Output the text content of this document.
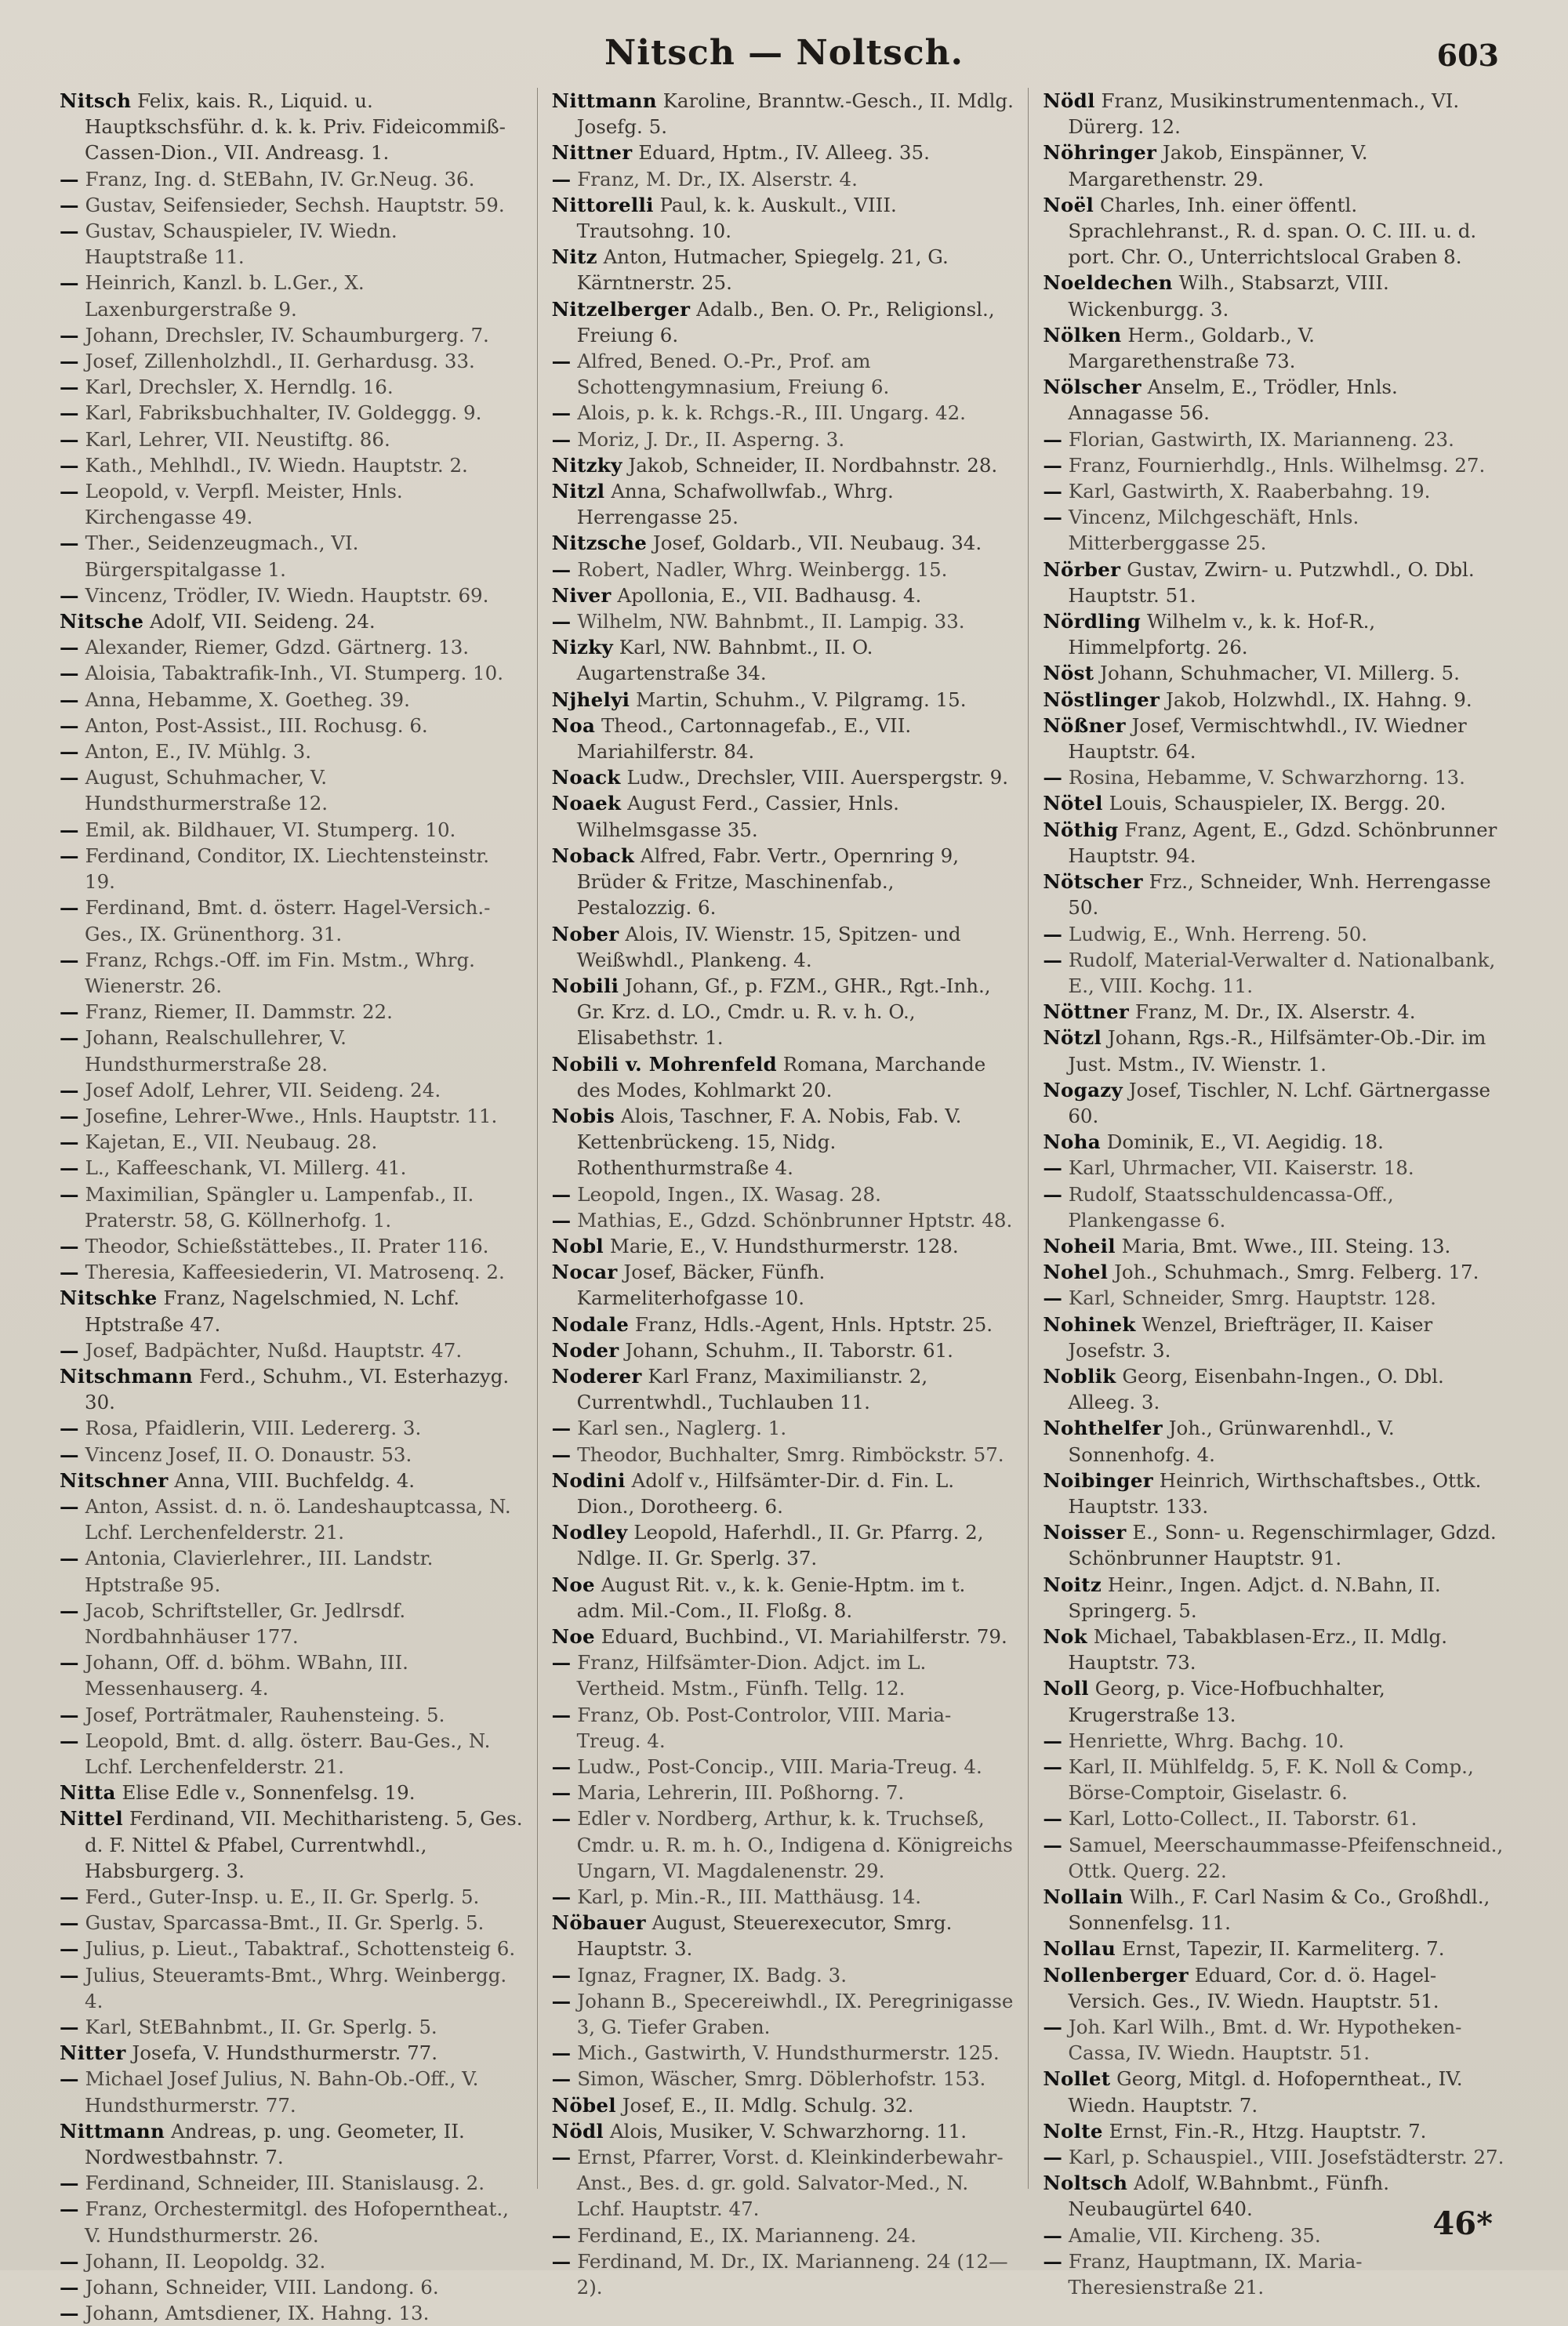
Nitsch — Noltsch.	603
Nitsch Felix, kais. R., Liquid. u. Hauptkschsführ. d. k. k. Priv. Fideicommiß-Cassen-Dion., VII. Andreasg. 1.
— Franz, Ing. d. StEBahn, IV. Gr.Neug. 36.
— Gustav, Seifensieder, Sechsh. Hauptstr. 59.
— Gustav, Schauspieler, IV. Wiedn. Hauptstraße 11.
— Heinrich, Kanzl. b. L.Ger., X. Laxenburgerstraße 9.
— Johann, Drechsler, IV. Schaumburgerg. 7.
— Josef, Zillenholzhdl., II. Gerhardusg. 33.
— Karl, Drechsler, X. Herndlg. 16.
— Karl, Fabriksbuchhalter, IV. Goldeggg. 9.
— Karl, Lehrer, VII. Neustiftg. 86.
— Kath., Mehlhdl., IV. Wiedn. Hauptstr. 2.
— Leopold, v. Verpfl. Meister, Hnls. Kirchengasse 49.
— Ther., Seidenzeugmach., VI. Bürgerspitalgasse 1.
— Vincenz, Trödler, IV. Wiedn. Hauptstr. 69.
Nitsche Adolf, VII. Seideng. 24.
— Alexander, Riemer, Gdzd. Gärtnerg. 13.
— Aloisia, Tabaktrafik-Inh., VI. Stumperg. 10.
— Anna, Hebamme, X. Goetheg. 39.
— Anton, Post-Assist., III. Rochusg. 6.
— Anton, E., IV. Mühlg. 3.
— August, Schuhmacher, V. Hundsthurmerstraße 12.
— Emil, ak. Bildhauer, VI. Stumperg. 10.
— Ferdinand, Conditor, IX. Liechtensteinstr. 19.
— Ferdinand, Bmt. d. österr. Hagel-Versich.-Ges., IX. Grünenthorg. 31.
— Franz, Rchgs.-Off. im Fin. Mstm., Whrg. Wienerstr. 26.
— Franz, Riemer, II. Dammstr. 22.
— Johann, Realschullehrer, V. Hundsthurmerstraße 28.
— Josef Adolf, Lehrer, VII. Seideng. 24.
— Josefine, Lehrer-Wwe., Hnls. Hauptstr. 11.
— Kajetan, E., VII. Neubaug. 28.
— L., Kaffeeschank, VI. Millerg. 41.
— Maximilian, Spängler u. Lampenfab., II. Praterstr. 58, G. Köllnerhofg. 1.
— Theodor, Schießstättebes., II. Prater 116.
— Theresia, Kaffeesiederin, VI. Matrosenq. 2.
Nitschke Franz, Nagelschmied, N. Lchf. Hptstraße 47.
— Josef, Badpächter, Nußd. Hauptstr. 47.
Nitschmann Ferd., Schuhm., VI. Esterhazyg. 30.
— Rosa, Pfaidlerin, VIII. Ledererg. 3.
— Vincenz Josef, II. O. Donaustr. 53.
Nitschner Anna, VIII. Buchfeldg. 4.
— Anton, Assist. d. n. ö. Landeshauptcassa, N. Lchf. Lerchenfelderstr. 21.
— Antonia, Clavierlehrer., III. Landstr. Hptstraße 95.
— Jacob, Schriftsteller, Gr. Jedlrsdf. Nordbahnhäuser 177.
— Johann, Off. d. böhm. WBahn, III. Messenhauserg. 4.
— Josef, Porträtmaler, Rauhensteing. 5.
— Leopold, Bmt. d. allg. österr. Bau-Ges., N. Lchf. Lerchenfelderstr. 21.
Nitta Elise Edle v., Sonnenfelsg. 19.
Nittel Ferdinand, VII. Mechitharisteng. 5, Ges. d. F. Nittel & Pfabel, Currentwhdl., Habsburgerg. 3.
— Ferd., Guter-Insp. u. E., II. Gr. Sperlg. 5.
— Gustav, Sparcassa-Bmt., II. Gr. Sperlg. 5.
— Julius, p. Lieut., Tabaktraf., Schottensteig 6.
— Julius, Steueramts-Bmt., Whrg. Weinbergg. 4.
— Karl, StEBahnbmt., II. Gr. Sperlg. 5.
Nitter Josefa, V. Hundsthurmerstr. 77.
— Michael Josef Julius, N. Bahn-Ob.-Off., V. Hundsthurmerstr. 77.
Nittmann Andreas, p. ung. Geometer, II. Nordwestbahnstr. 7.
— Ferdinand, Schneider, III. Stanislausg. 2.
— Franz, Orchestermitgl. des Hofoperntheat., V. Hundsthurmerstr. 26.
— Johann, II. Leopoldg. 32.
— Johann, Schneider, VIII. Landong. 6.
— Johann, Amtsdiener, IX. Hahng. 13.
Nittmann Karoline, Branntw.-Gesch., II. Mdlg. Josefg. 5.
Nittner Eduard, Hptm., IV. Alleeg. 35.
— Franz, M. Dr., IX. Alserstr. 4.
Nittorelli Paul, k. k. Auskult., VIII. Trautsohng. 10.
Nitz Anton, Hutmacher, Spiegelg. 21, G. Kärntnerstr. 25.
Nitzelberger Adalb., Ben. O. Pr., Religionsl., Freiung 6.
— Alfred, Bened. O.-Pr., Prof. am Schottengymnasium, Freiung 6.
— Alois, p. k. k. Rchgs.-R., III. Ungarg. 42.
— Moriz, J. Dr., II. Asperng. 3.
Nitzky Jakob, Schneider, II. Nordbahnstr. 28.
Nitzl Anna, Schafwollwfab., Whrg. Herrengasse 25.
Nitzsche Josef, Goldarb., VII. Neubaug. 34.
— Robert, Nadler, Whrg. Weinbergg. 15.
Niver Apollonia, E., VII. Badhausg. 4.
— Wilhelm, NW. Bahnbmt., II. Lampig. 33.
Nizky Karl, NW. Bahnbmt., II. O. Augartenstraße 34.
Njhelyi Martin, Schuhm., V. Pilgramg. 15.
Noa Theod., Cartonnagefab., E., VII. Mariahilferstr. 84.
Noack Ludw., Drechsler, VIII. Auerspergstr. 9.
Noaek August Ferd., Cassier, Hnls. Wilhelmsgasse 35.
Noback Alfred, Fabr. Vertr., Opernring 9, Brüder & Fritze, Maschinenfab., Pestalozzig. 6.
Nober Alois, IV. Wienstr. 15, Spitzen- und Weißwhdl., Plankeng. 4.
Nobili Johann, Gf., p. FZM., GHR., Rgt.-Inh., Gr. Krz. d. LO., Cmdr. u. R. v. h. O., Elisabethstr. 1.
Nobili v. Mohrenfeld Romana, Marchande des Modes, Kohlmarkt 20.
Nobis Alois, Taschner, F. A. Nobis, Fab. V. Kettenbrückeng. 15, Nidg. Rothenthurmstraße 4.
— Leopold, Ingen., IX. Wasag. 28.
— Mathias, E., Gdzd. Schönbrunner Hptstr. 48.
Nobl Marie, E., V. Hundsthurmerstr. 128.
Nocar Josef, Bäcker, Fünfh. Karmeliterhofgasse 10.
Nodale Franz, Hdls.-Agent, Hnls. Hptstr. 25.
Noder Johann, Schuhm., II. Taborstr. 61.
Noderer Karl Franz, Maximilianstr. 2, Currentwhdl., Tuchlauben 11.
— Karl sen., Naglerg. 1.
— Theodor, Buchhalter, Smrg. Rimböckstr. 57.
Nodini Adolf v., Hilfsämter-Dir. d. Fin. L. Dion., Dorotheerg. 6.
Nodley Leopold, Haferhdl., II. Gr. Pfarrg. 2, Ndlge. II. Gr. Sperlg. 37.
Noe August Rit. v., k. k. Genie-Hptm. im t. adm. Mil.-Com., II. Floßg. 8.
Noe Eduard, Buchbind., VI. Mariahilferstr. 79.
— Franz, Hilfsämter-Dion. Adjct. im L. Vertheid. Mstm., Fünfh. Tellg. 12.
— Franz, Ob. Post-Controlor, VIII. Maria-Treug. 4.
— Ludw., Post-Concip., VIII. Maria-Treug. 4.
— Maria, Lehrerin, III. Poßhorng. 7.
— Edler v. Nordberg, Arthur, k. k. Truchseß, Cmdr. u. R. m. h. O., Indigena d. Königreichs Ungarn, VI. Magdalenenstr. 29.
— Karl, p. Min.-R., III. Matthäusg. 14.
Nöbauer August, Steuerexecutor, Smrg. Hauptstr. 3.
— Ignaz, Fragner, IX. Badg. 3.
— Johann B., Specereiwhdl., IX. Peregrinigasse 3, G. Tiefer Graben.
— Mich., Gastwirth, V. Hundsthurmerstr. 125.
— Simon, Wäscher, Smrg. Döblerhofstr. 153.
Nöbel Josef, E., II. Mdlg. Schulg. 32.
Nödl Alois, Musiker, V. Schwarzhorng. 11.
— Ernst, Pfarrer, Vorst. d. Kleinkinderbewahr-Anst., Bes. d. gr. gold. Salvator-Med., N. Lchf. Hauptstr. 47.
— Ferdinand, E., IX. Marianneng. 24.
— Ferdinand, M. Dr., IX. Marianneng. 24 (12—2).
Nödl Franz, Musikinstrumentenmach., VI. Dürerg. 12.
Nöhringer Jakob, Einspänner, V. Margarethenstr. 29.
Noël Charles, Inh. einer öffentl. Sprachlehranst., R. d. span. O. C. III. u. d. port. Chr. O., Unterrichtslocal Graben 8.
Noeldechen Wilh., Stabsarzt, VIII. Wickenburgg. 3.
Nölken Herm., Goldarb., V. Margarethenstraße 73.
Nölscher Anselm, E., Trödler, Hnls. Annagasse 56.
— Florian, Gastwirth, IX. Marianneng. 23.
— Franz, Fournierhdlg., Hnls. Wilhelmsg. 27.
— Karl, Gastwirth, X. Raaberbahng. 19.
— Vincenz, Milchgeschäft, Hnls. Mitterberggasse 25.
Nörber Gustav, Zwirn- u. Putzwhdl., O. Dbl. Hauptstr. 51.
Nördling Wilhelm v., k. k. Hof-R., Himmelpfortg. 26.
Nöst Johann, Schuhmacher, VI. Millerg. 5.
Nöstlinger Jakob, Holzwhdl., IX. Hahng. 9.
Nößner Josef, Vermischtwhdl., IV. Wiedner Hauptstr. 64.
— Rosina, Hebamme, V. Schwarzhorng. 13.
Nötel Louis, Schauspieler, IX. Bergg. 20.
Nöthig Franz, Agent, E., Gdzd. Schönbrunner Hauptstr. 94.
Nötscher Frz., Schneider, Wnh. Herrengasse 50.
— Ludwig, E., Wnh. Herreng. 50.
— Rudolf, Material-Verwalter d. Nationalbank, E., VIII. Kochg. 11.
Nöttner Franz, M. Dr., IX. Alserstr. 4.
Nötzl Johann, Rgs.-R., Hilfsämter-Ob.-Dir. im Just. Mstm., IV. Wienstr. 1.
Nogazy Josef, Tischler, N. Lchf. Gärtnergasse 60.
Noha Dominik, E., VI. Aegidig. 18.
— Karl, Uhrmacher, VII. Kaiserstr. 18.
— Rudolf, Staatsschuldencassa-Off., Plankengasse 6.
Noheil Maria, Bmt. Wwe., III. Steing. 13.
Nohel Joh., Schuhmach., Smrg. Felberg. 17.
— Karl, Schneider, Smrg. Hauptstr. 128.
Nohinek Wenzel, Briefträger, II. Kaiser Josefstr. 3.
Noblik Georg, Eisenbahn-Ingen., O. Dbl. Alleeg. 3.
Nohthelfer Joh., Grünwarenhdl., V. Sonnenhofg. 4.
Noibinger Heinrich, Wirthschaftsbes., Ottk. Hauptstr. 133.
Noisser E., Sonn- u. Regenschirmlager, Gdzd. Schönbrunner Hauptstr. 91.
Noitz Heinr., Ingen. Adjct. d. N.Bahn, II. Springerg. 5.
Nok Michael, Tabakblasen-Erz., II. Mdlg. Hauptstr. 73.
Noll Georg, p. Vice-Hofbuchhalter, Krugerstraße 13.
— Henriette, Whrg. Bachg. 10.
— Karl, II. Mühlfeldg. 5, F. K. Noll & Comp., Börse-Comptoir, Giselastr. 6.
— Karl, Lotto-Collect., II. Taborstr. 61.
— Samuel, Meerschaummasse-Pfeifenschneid., Ottk. Querg. 22.
Nollain Wilh., F. Carl Nasim & Co., Großhdl., Sonnenfelsg. 11.
Nollau Ernst, Tapezir, II. Karmeliterg. 7.
Nollenberger Eduard, Cor. d. ö. Hagel-Versich. Ges., IV. Wiedn. Hauptstr. 51.
— Joh. Karl Wilh., Bmt. d. Wr. Hypotheken-Cassa, IV. Wiedn. Hauptstr. 51.
Nollet Georg, Mitgl. d. Hofoperntheat., IV. Wiedn. Hauptstr. 7.
Nolte Ernst, Fin.-R., Htzg. Hauptstr. 7.
— Karl, p. Schauspiel., VIII. Josefstädterstr. 27.
Noltsch Adolf, W.Bahnbmt., Fünfh. Neubaugürtel 640.
— Amalie, VII. Kircheng. 35.
— Franz, Hauptmann, IX. Maria-Theresienstraße 21.
46*
